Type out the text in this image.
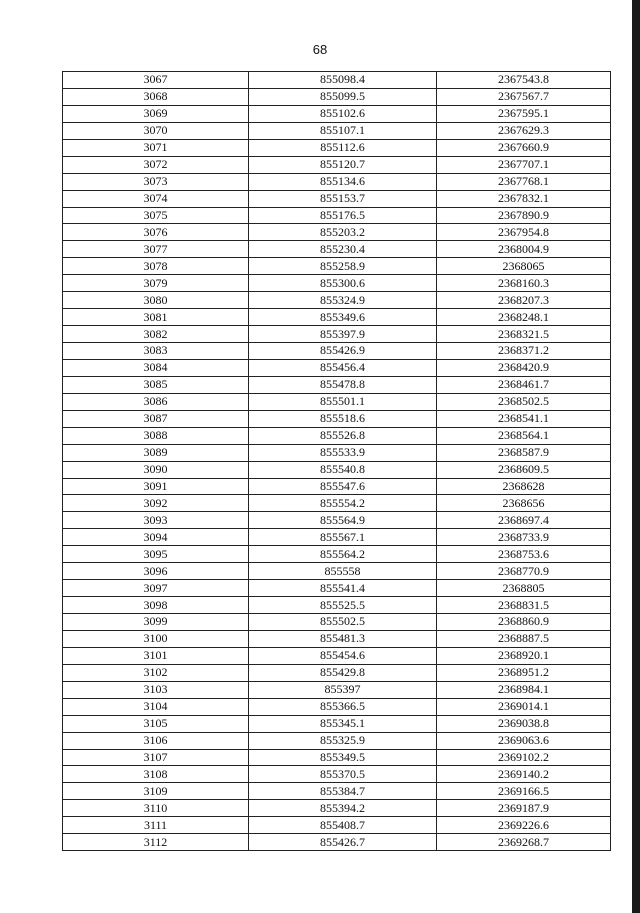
68
3067	855098.4	2367543.8
3068	855099.5	2367567.7
3069	855102.6	2367595.1
3070	855107.1	2367629.3
3071	855112.6	2367660.9
3072	855120.7	2367707.1
3073	855134.6	2367768.1
3074	855153.7	2367832.1
3075	855176.5	2367890.9
3076	855203.2	2367954.8
3077	855230.4	2368004.9
3078	855258.9	2368065
3079	855300.6	2368160.3
3080	855324.9	2368207.3
3081	855349.6	2368248.1
3082	855397.9	2368321.5
3083	855426.9	2368371.2
3084	855456.4	2368420.9
3085	855478.8	2368461.7
3086	855501.1	2368502.5
3087	855518.6	2368541.1
3088	855526.8	2368564.1
3089	855533.9	2368587.9
3090	855540.8	2368609.5
3091	855547.6	2368628
3092	855554.2	2368656
3093	855564.9	2368697.4
3094	855567.1	2368733.9
3095	855564.2	2368753.6
3096	855558	2368770.9
3097	855541.4	2368805
3098	855525.5	2368831.5
3099	855502.5	2368860.9
3100	855481.3	2368887.5
3101	855454.6	2368920.1
3102	855429.8	2368951.2
3103	855397	2368984.1
3104	855366.5	2369014.1
3105	855345.1	2369038.8
3106	855325.9	2369063.6
3107	855349.5	2369102.2
3108	855370.5	2369140.2
3109	855384.7	2369166.5
3110	855394.2	2369187.9
3111	855408.7	2369226.6
3112	855426.7	2369268.7
